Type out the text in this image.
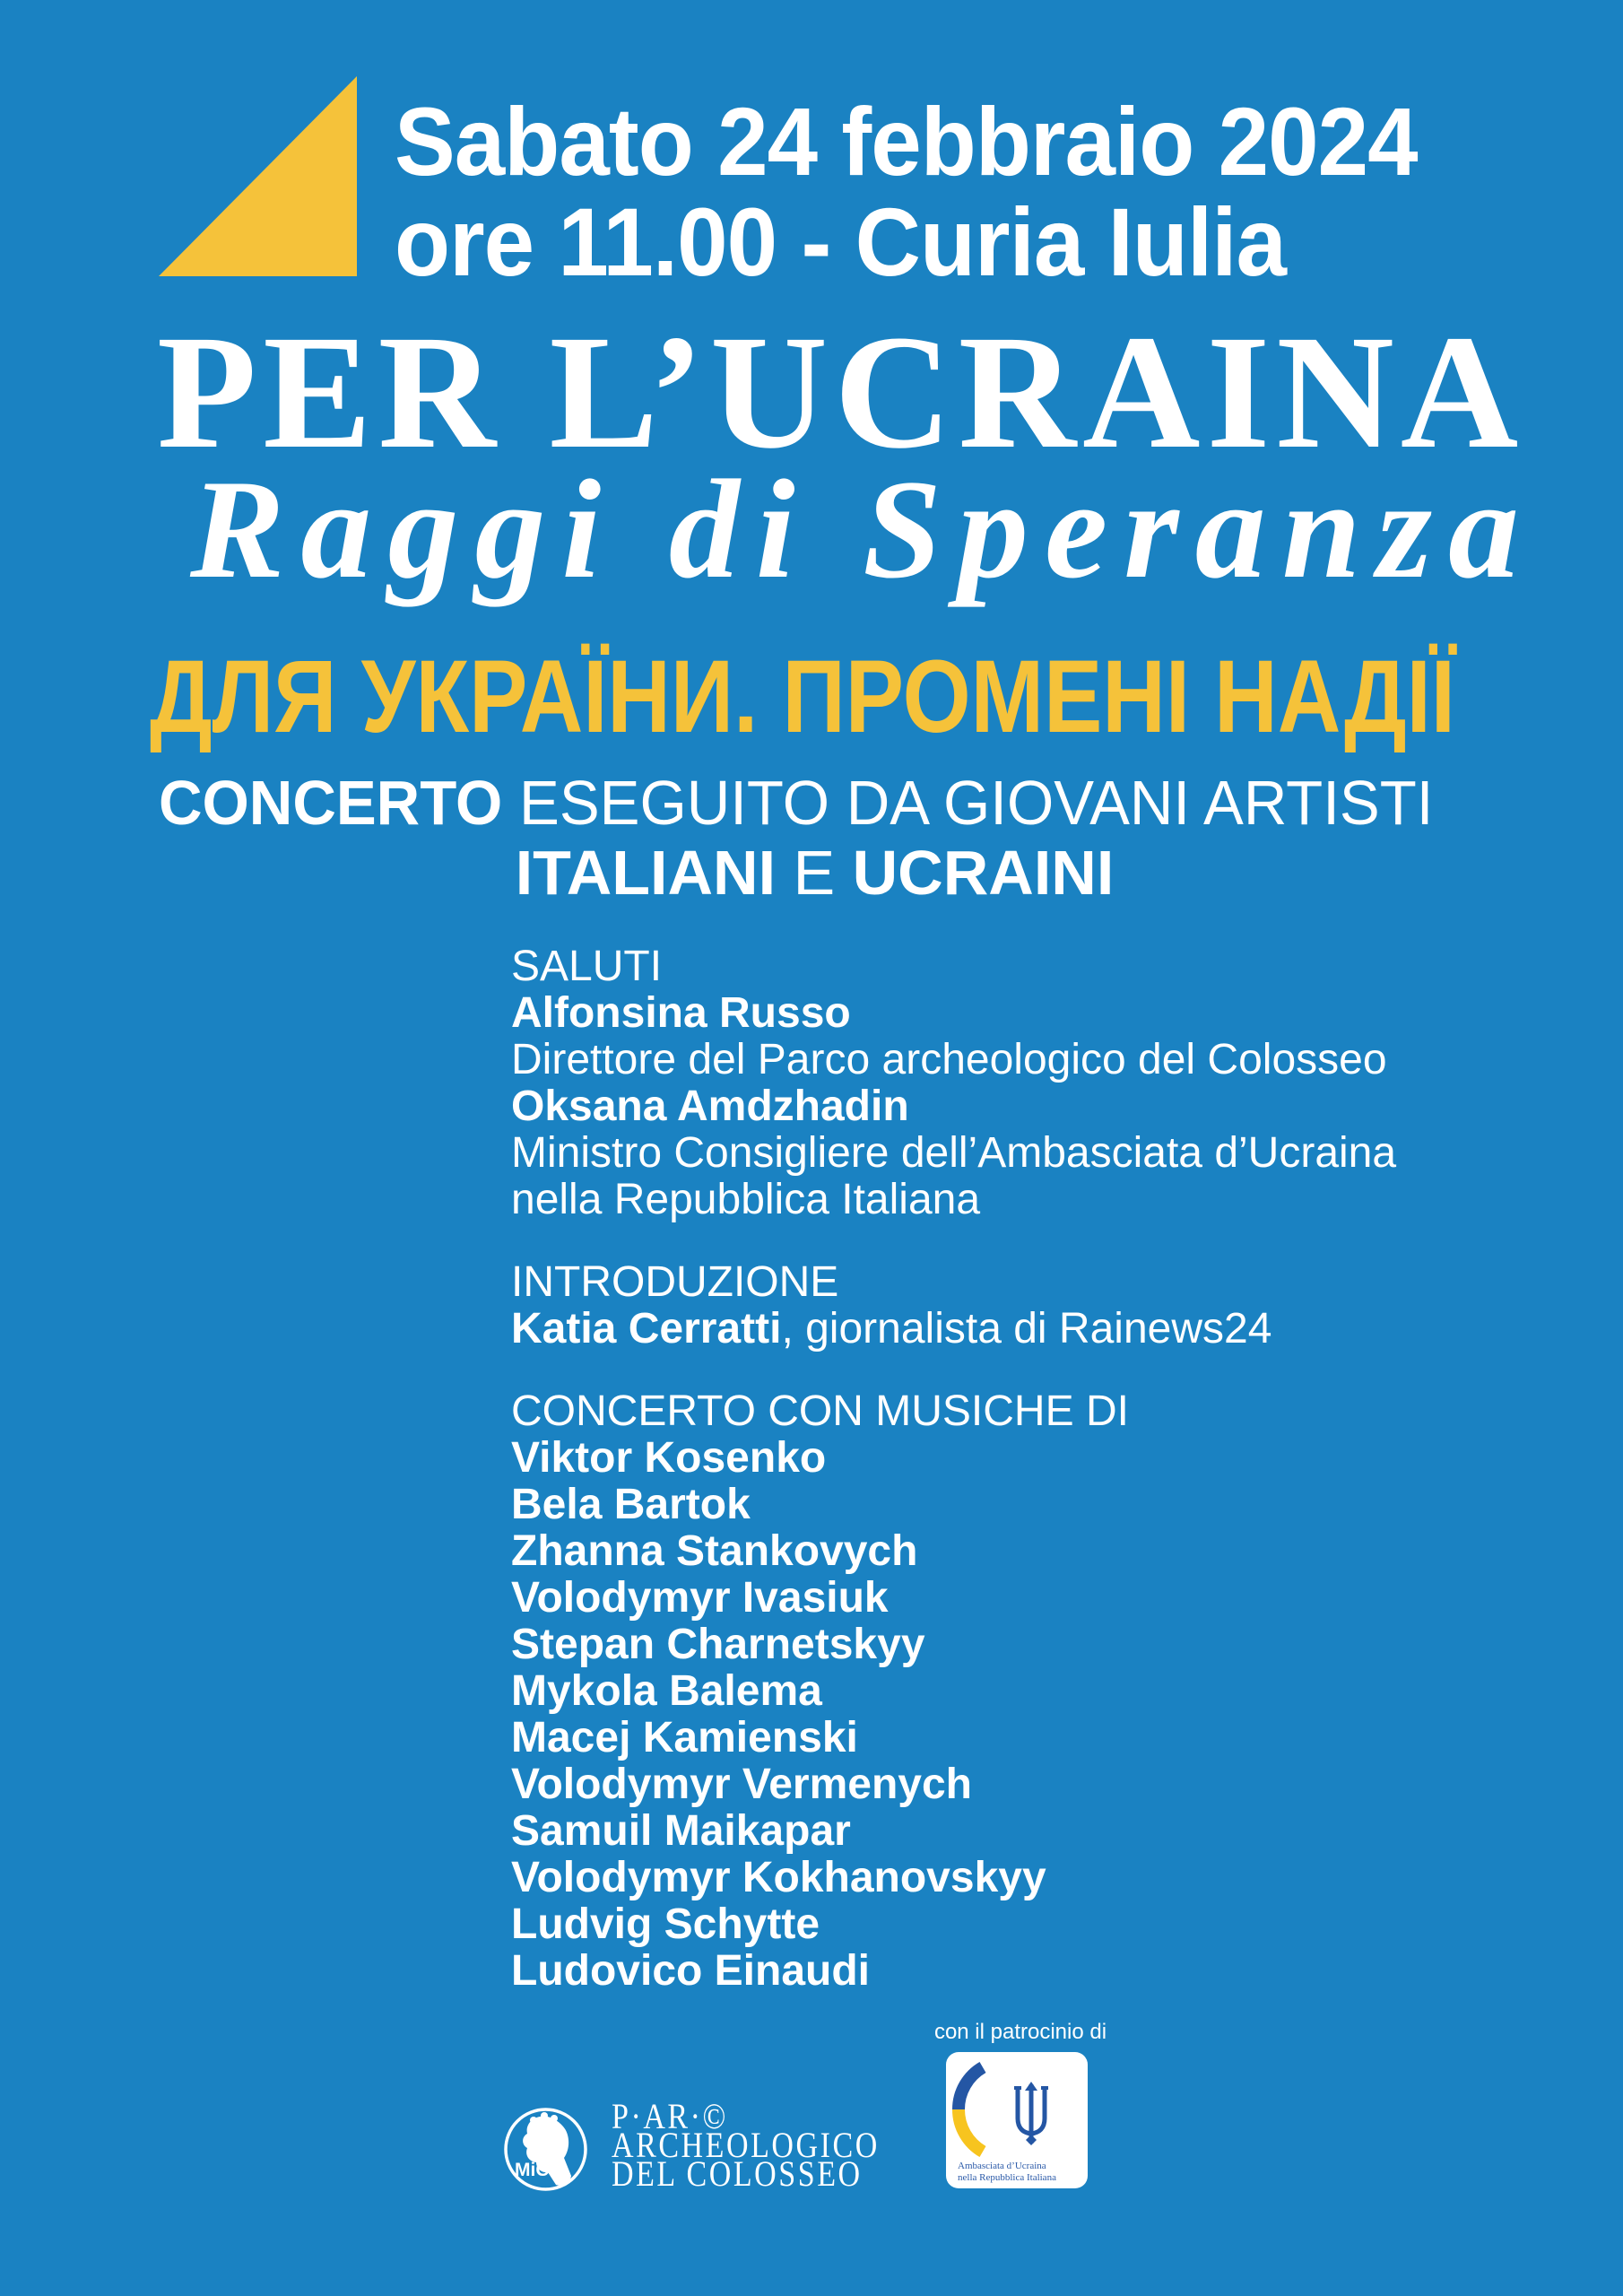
Sabato 24 febbraio 2024
ore 11.00 - Curia Iulia
PER L’UCRAINA
Raggi di Speranza
ДЛЯ УКРАЇНИ. ПРОМЕНІ НАДІЇ
CONCERTO ESEGUITO DA GIOVANI ARTISTI
ITALIANI E UCRAINI
SALUTI
Alfonsina Russo
Direttore del Parco archeologico del Colosseo
Oksana Amdzhadin
Ministro Consigliere dell’Ambasciata d’Ucraina
nella Repubblica Italiana
INTRODUZIONE
Katia Cerratti, giornalista di Rainews24
CONCERTO CON MUSICHE DI
Viktor Kosenko
Bela Bartok
Zhanna Stankovych
Volodymyr Ivasiuk
Stepan Charnetskyy
Mykola Balema
Macej Kamienski
Volodymyr Vermenych
Samuil Maikapar
Volodymyr Kokhanovskyy
Ludvig Schytte
Ludovico Einaudi
con il patrocinio di
MiC
P·AR·©
ARCHEOLOGICO
DEL COLOSSEO	Ambasciata d’Ucraina
nella Repubblica Italiana
